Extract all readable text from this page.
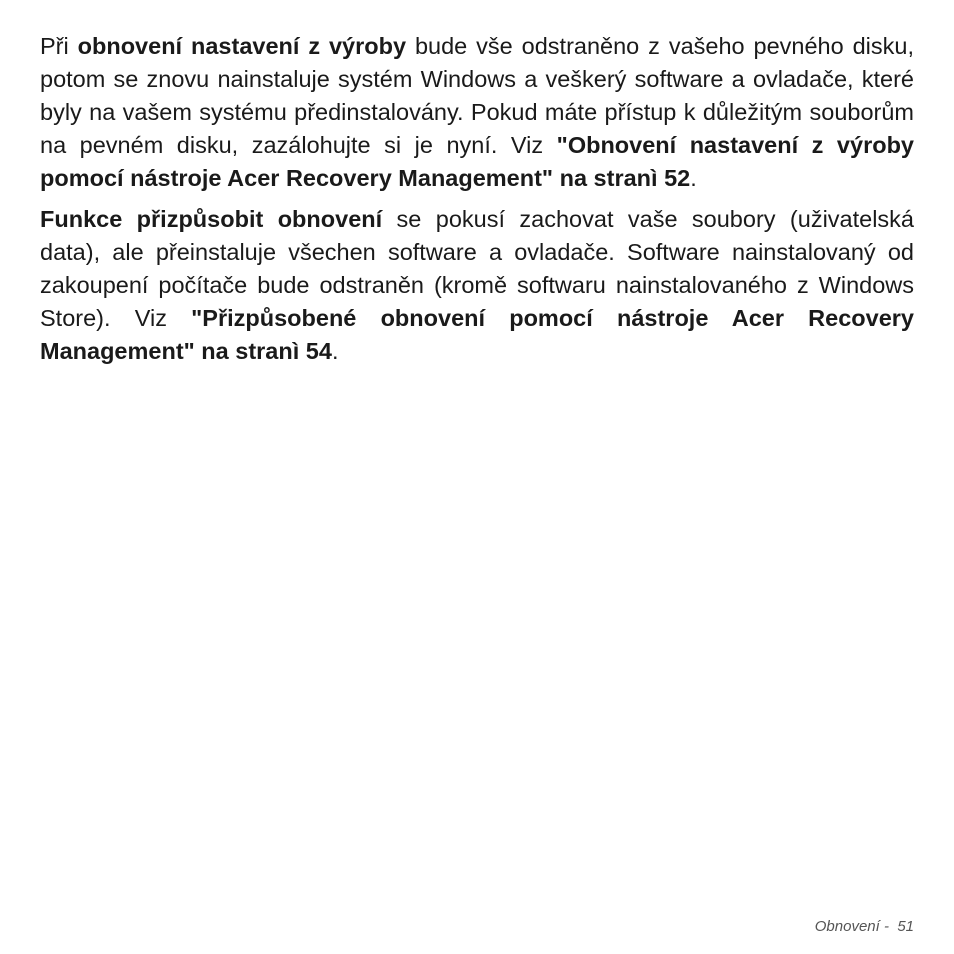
Při obnovení nastavení z výroby bude vše odstraněno z vašeho pevného disku, potom se znovu nainstaluje systém Windows a veškerý software a ovladače, které byly na vašem systému předinstalovány. Pokud máte přístup k důležitým souborům na pevném disku, zazálohujte si je nyní. Viz "Obnovení nastavení z výroby pomocí nástroje Acer Recovery Management" na stranì 52.

Funkce přizpůsobit obnovení se pokusí zachovat vaše soubory (uživatelská data), ale přeinstaluje všechen software a ovladače. Software nainstalovaný od zakoupení počítače bude odstraněn (kromě softwaru nainstalovaného z Windows Store). Viz "Přizpůsobené obnovení pomocí nástroje Acer Recovery Management" na stranì 54.

Obnovení - 51
